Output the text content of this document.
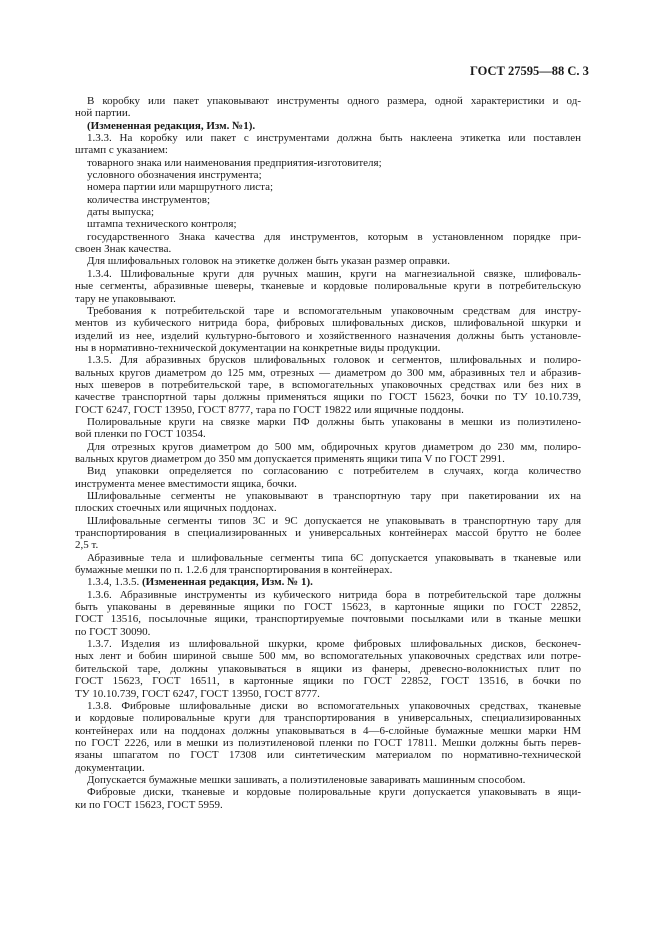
ГОСТ 27595—88 С. 3
В коробку или пакет упаковывают инструменты одного размера, одной характеристики и од-
ной партии.
(Измененная редакция, Изм. №1).
1.3.3. На коробку или пакет с инструментами должна быть наклеена этикетка или поставлен
штамп с указанием:
товарного знака или наименования предприятия-изготовителя;
условного обозначения инструмента;
номера партии или маршрутного листа;
количества инструментов;
даты выпуска;
штампа технического контроля;
государственного Знака качества для инструментов, которым в установленном порядке при-
своен Знак качества.
Для шлифовальных головок на этикетке должен быть указан размер оправки.
1.3.4. Шлифовальные круги для ручных машин, круги на магнезиальной связке, шлифоваль-
ные сегменты, абразивные шеверы, тканевые и кордовые полировальные круги в потребительскую
тару не упаковывают.
Требования к потребительской таре и вспомогательным упаковочным средствам для инстру-
ментов из кубического нитрида бора, фибровых шлифовальных дисков, шлифовальной шкурки и
изделий из нее, изделий культурно-бытового и хозяйственного назначения должны быть установле-
ны в нормативно-технической документации на конкретные виды продукции.
1.3.5. Для абразивных брусков шлифовальных головок и сегментов, шлифовальных и полиро-
вальных кругов диаметром до 125 мм, отрезных — диаметром до 300 мм, абразивных тел и абразив-
ных шеверов в потребительской таре, в вспомогательных упаковочных средствах или без них в
качестве транспортной тары должны применяться ящики по ГОСТ 15623, бочки по ТУ 10.10.739,
ГОСТ 6247, ГОСТ 13950, ГОСТ 8777, тара по ГОСТ 19822 или ящичные поддоны.
Полировальные круги на связке марки ПФ должны быть упакованы в мешки из полиэтилено-
вой пленки по ГОСТ 10354.
Для отрезных кругов диаметром до 500 мм, обдирочных кругов диаметром до 230 мм, полиро-
вальных кругов диаметром до 350 мм допускается применять ящики типа V по ГОСТ 2991.
Вид упаковки определяется по согласованию с потребителем в случаях, когда количество
инструмента менее вместимости ящика, бочки.
Шлифовальные сегменты не упаковывают в транспортную тару при пакетировании их на
плоских стоечных или ящичных поддонах.
Шлифовальные сегменты типов 3С и 9С допускается не упаковывать в транспортную тару для
транспортирования в специализированных и универсальных контейнерах массой брутто не более
2,5 т.
Абразивные тела и шлифовальные сегменты типа 6С допускается упаковывать в тканевые или
бумажные мешки по п. 1.2.6 для транспортирования в контейнерах.
1.3.4, 1.3.5. (Измененная редакция, Изм. № 1).
1.3.6. Абразивные инструменты из кубического нитрида бора в потребительской таре должны
быть упакованы в деревянные ящики по ГОСТ 15623, в картонные ящики по ГОСТ 22852,
ГОСТ 13516, посылочные ящики, транспортируемые почтовыми посылками или в тканые мешки
по ГОСТ 30090.
1.3.7. Изделия из шлифовальной шкурки, кроме фибровых шлифовальных дисков, бесконеч-
ных лент и бобин шириной свыше 500 мм, во вспомогательных упаковочных средствах или потре-
бительской таре, должны упаковываться в ящики из фанеры, древесно-волокнистых плит по
ГОСТ 15623, ГОСТ 16511, в картонные ящики по ГОСТ 22852, ГОСТ 13516, в бочки по
ТУ 10.10.739, ГОСТ 6247, ГОСТ 13950, ГОСТ 8777.
1.3.8. Фибровые шлифовальные диски во вспомогательных упаковочных средствах, тканевые
и кордовые полировальные круги для транспортирования в универсальных, специализированных
контейнерах или на поддонах должны упаковываться в 4—6-слойные бумажные мешки марки НМ
по ГОСТ 2226, или в мешки из полиэтиленовой пленки по ГОСТ 17811. Мешки должны быть перев-
язаны шпагатом по ГОСТ 17308 или синтетическим материалом по нормативно-технической
документации.
Допускается бумажные мешки зашивать, а полиэтиленовые заваривать машинным способом.
Фибровые диски, тканевые и кордовые полировальные круги допускается упаковывать в ящи-
ки по ГОСТ 15623, ГОСТ 5959.
